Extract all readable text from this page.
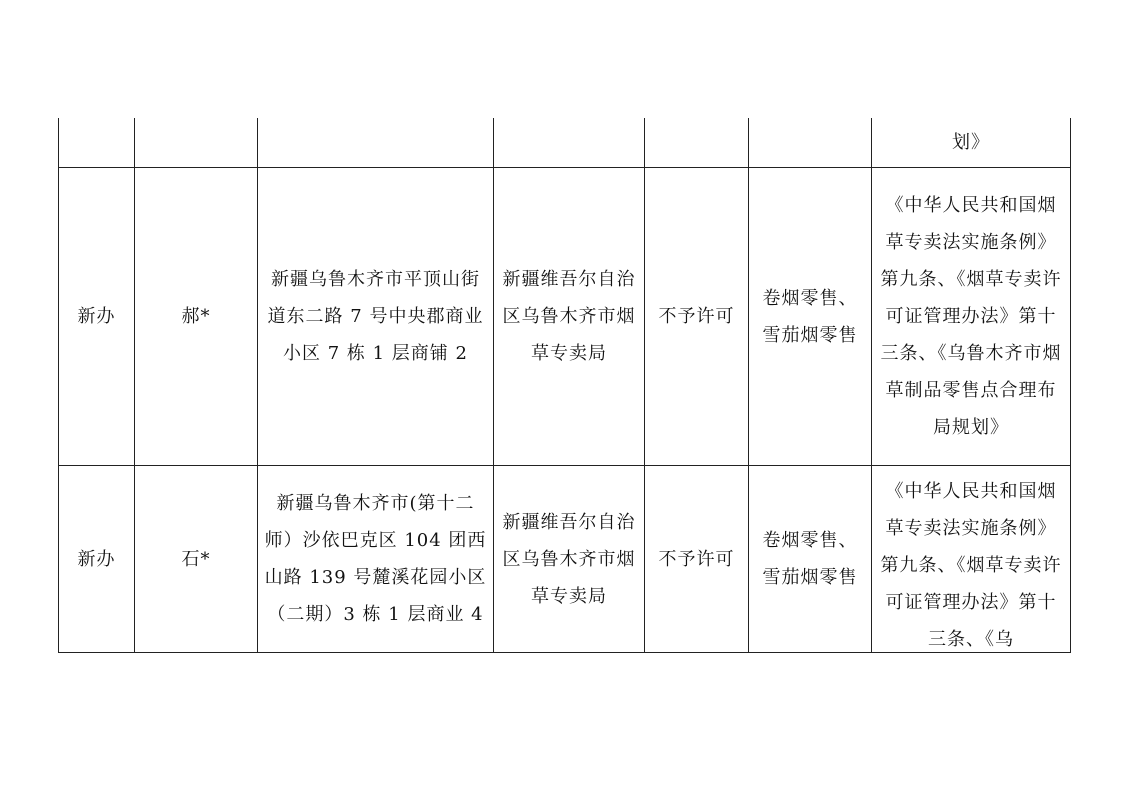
						划》
新办	郝*	新疆乌鲁木齐市平顶山街道东二路 7 号中央郡商业小区 7 栋 1 层商铺 2	新疆维吾尔自治区乌鲁木齐市烟草专卖局	不予许可	卷烟零售、雪茄烟零售	《中华人民共和国烟草专卖法实施条例》第九条、《烟草专卖许可证管理办法》第十三条、《乌鲁木齐市烟草制品零售点合理布局规划》
新办	石*	新疆乌鲁木齐市(第十二师）沙依巴克区 104 团西山路 139 号麓溪花园小区（二期）3 栋 1 层商业 4	新疆维吾尔自治区乌鲁木齐市烟草专卖局	不予许可	卷烟零售、雪茄烟零售	《中华人民共和国烟草专卖法实施条例》第九条、《烟草专卖许可证管理办法》第十三条、《乌
